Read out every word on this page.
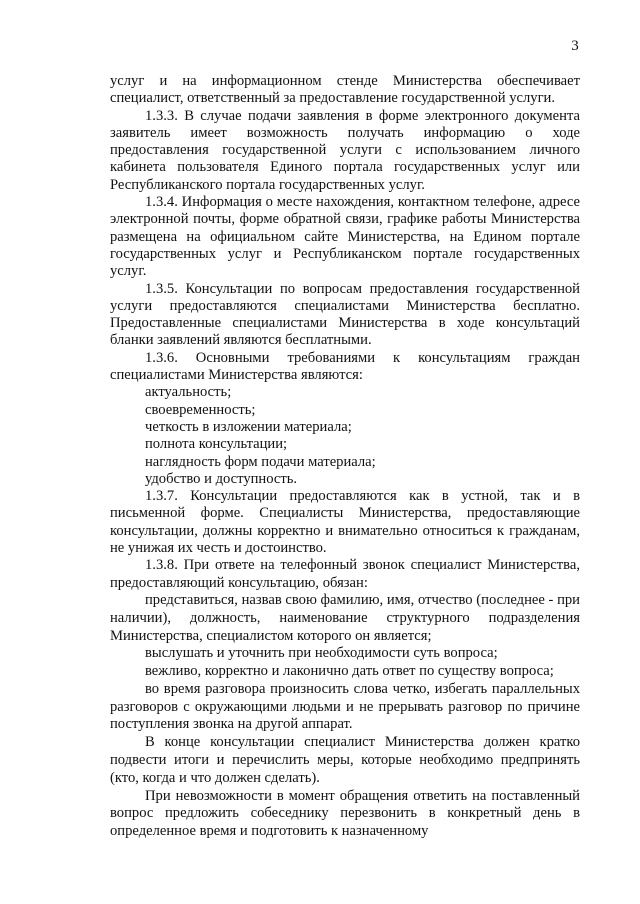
3

услуг и на информационном стенде Министерства обеспечивает специалист, ответственный за предоставление государственной услуги.

1.3.3. В случае подачи заявления в форме электронного документа заявитель имеет возможность получать информацию о ходе предоставления государственной услуги с использованием личного кабинета пользователя Единого портала государственных услуг или Республиканского портала государственных услуг.

1.3.4. Информация о месте нахождения, контактном телефоне, адресе электронной почты, форме обратной связи, графике работы Министерства размещена на официальном сайте Министерства, на Едином портале государственных услуг и Республиканском портале государственных услуг.

1.3.5. Консультации по вопросам предоставления государственной услуги предоставляются специалистами Министерства бесплатно. Предоставленные специалистами Министерства в ходе консультаций бланки заявлений являются бесплатными.

1.3.6. Основными требованиями к консультациям граждан специалистами Министерства являются:

актуальность;

своевременность;

четкость в изложении материала;

полнота консультации;

наглядность форм подачи материала;

удобство и доступность.

1.3.7. Консультации предоставляются как в устной, так и в письменной форме. Специалисты Министерства, предоставляющие консультации, должны корректно и внимательно относиться к гражданам, не унижая их честь и достоинство.

1.3.8. При ответе на телефонный звонок специалист Министерства, предоставляющий консультацию, обязан:

представиться, назвав свою фамилию, имя, отчество (последнее - при наличии), должность, наименование структурного подразделения Министерства, специалистом которого он является;

выслушать и уточнить при необходимости суть вопроса;

вежливо, корректно и лаконично дать ответ по существу вопроса;

во время разговора произносить слова четко, избегать параллельных разговоров с окружающими людьми и не прерывать разговор по причине поступления звонка на другой аппарат.

В конце консультации специалист Министерства должен кратко подвести итоги и перечислить меры, которые необходимо предпринять (кто, когда и что должен сделать).

При невозможности в момент обращения ответить на поставленный вопрос предложить собеседнику перезвонить в конкретный день в определенное время и подготовить к назначенному
